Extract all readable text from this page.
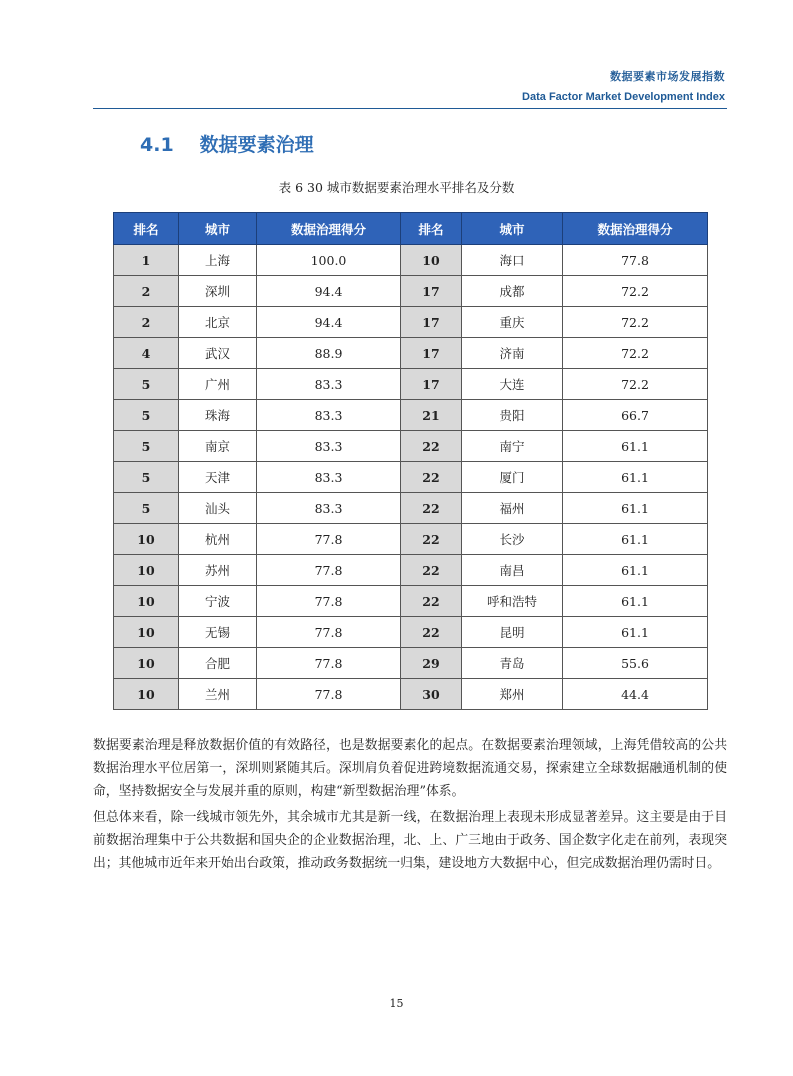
数据要素市场发展指数
Data Factor Market Development Index
4.1 数据要素治理
表 6 30 城市数据要素治理水平排名及分数
排名	城市	数据治理得分	排名	城市	数据治理得分
1	上海	100.0	10	海口	77.8
2	深圳	94.4	17	成都	72.2
2	北京	94.4	17	重庆	72.2
4	武汉	88.9	17	济南	72.2
5	广州	83.3	17	大连	72.2
5	珠海	83.3	21	贵阳	66.7
5	南京	83.3	22	南宁	61.1
5	天津	83.3	22	厦门	61.1
5	汕头	83.3	22	福州	61.1
10	杭州	77.8	22	长沙	61.1
10	苏州	77.8	22	南昌	61.1
10	宁波	77.8	22	呼和浩特	61.1
10	无锡	77.8	22	昆明	61.1
10	合肥	77.8	29	青岛	55.6
10	兰州	77.8	30	郑州	44.4

数据要素治理是释放数据价值的有效路径，也是数据要素化的起点。在数据要素治理领域，上海凭借较高的公共数据治理水平位居第一，深圳则紧随其后。深圳肩负着促进跨境数据流通交易，探索建立全球数据融通机制的使命，坚持数据安全与发展并重的原则，构建“新型数据治理”体系。

但总体来看，除一线城市领先外，其余城市尤其是新一线，在数据治理上表现未形成显著差异。这主要是由于目前数据治理集中于公共数据和国央企的企业数据治理，北、上、广三地由于政务、国企数字化走在前列，表现突出；其他城市近年来开始出台政策，推动政务数据统一归集，建设地方大数据中心，但完成数据治理仍需时日。

15
